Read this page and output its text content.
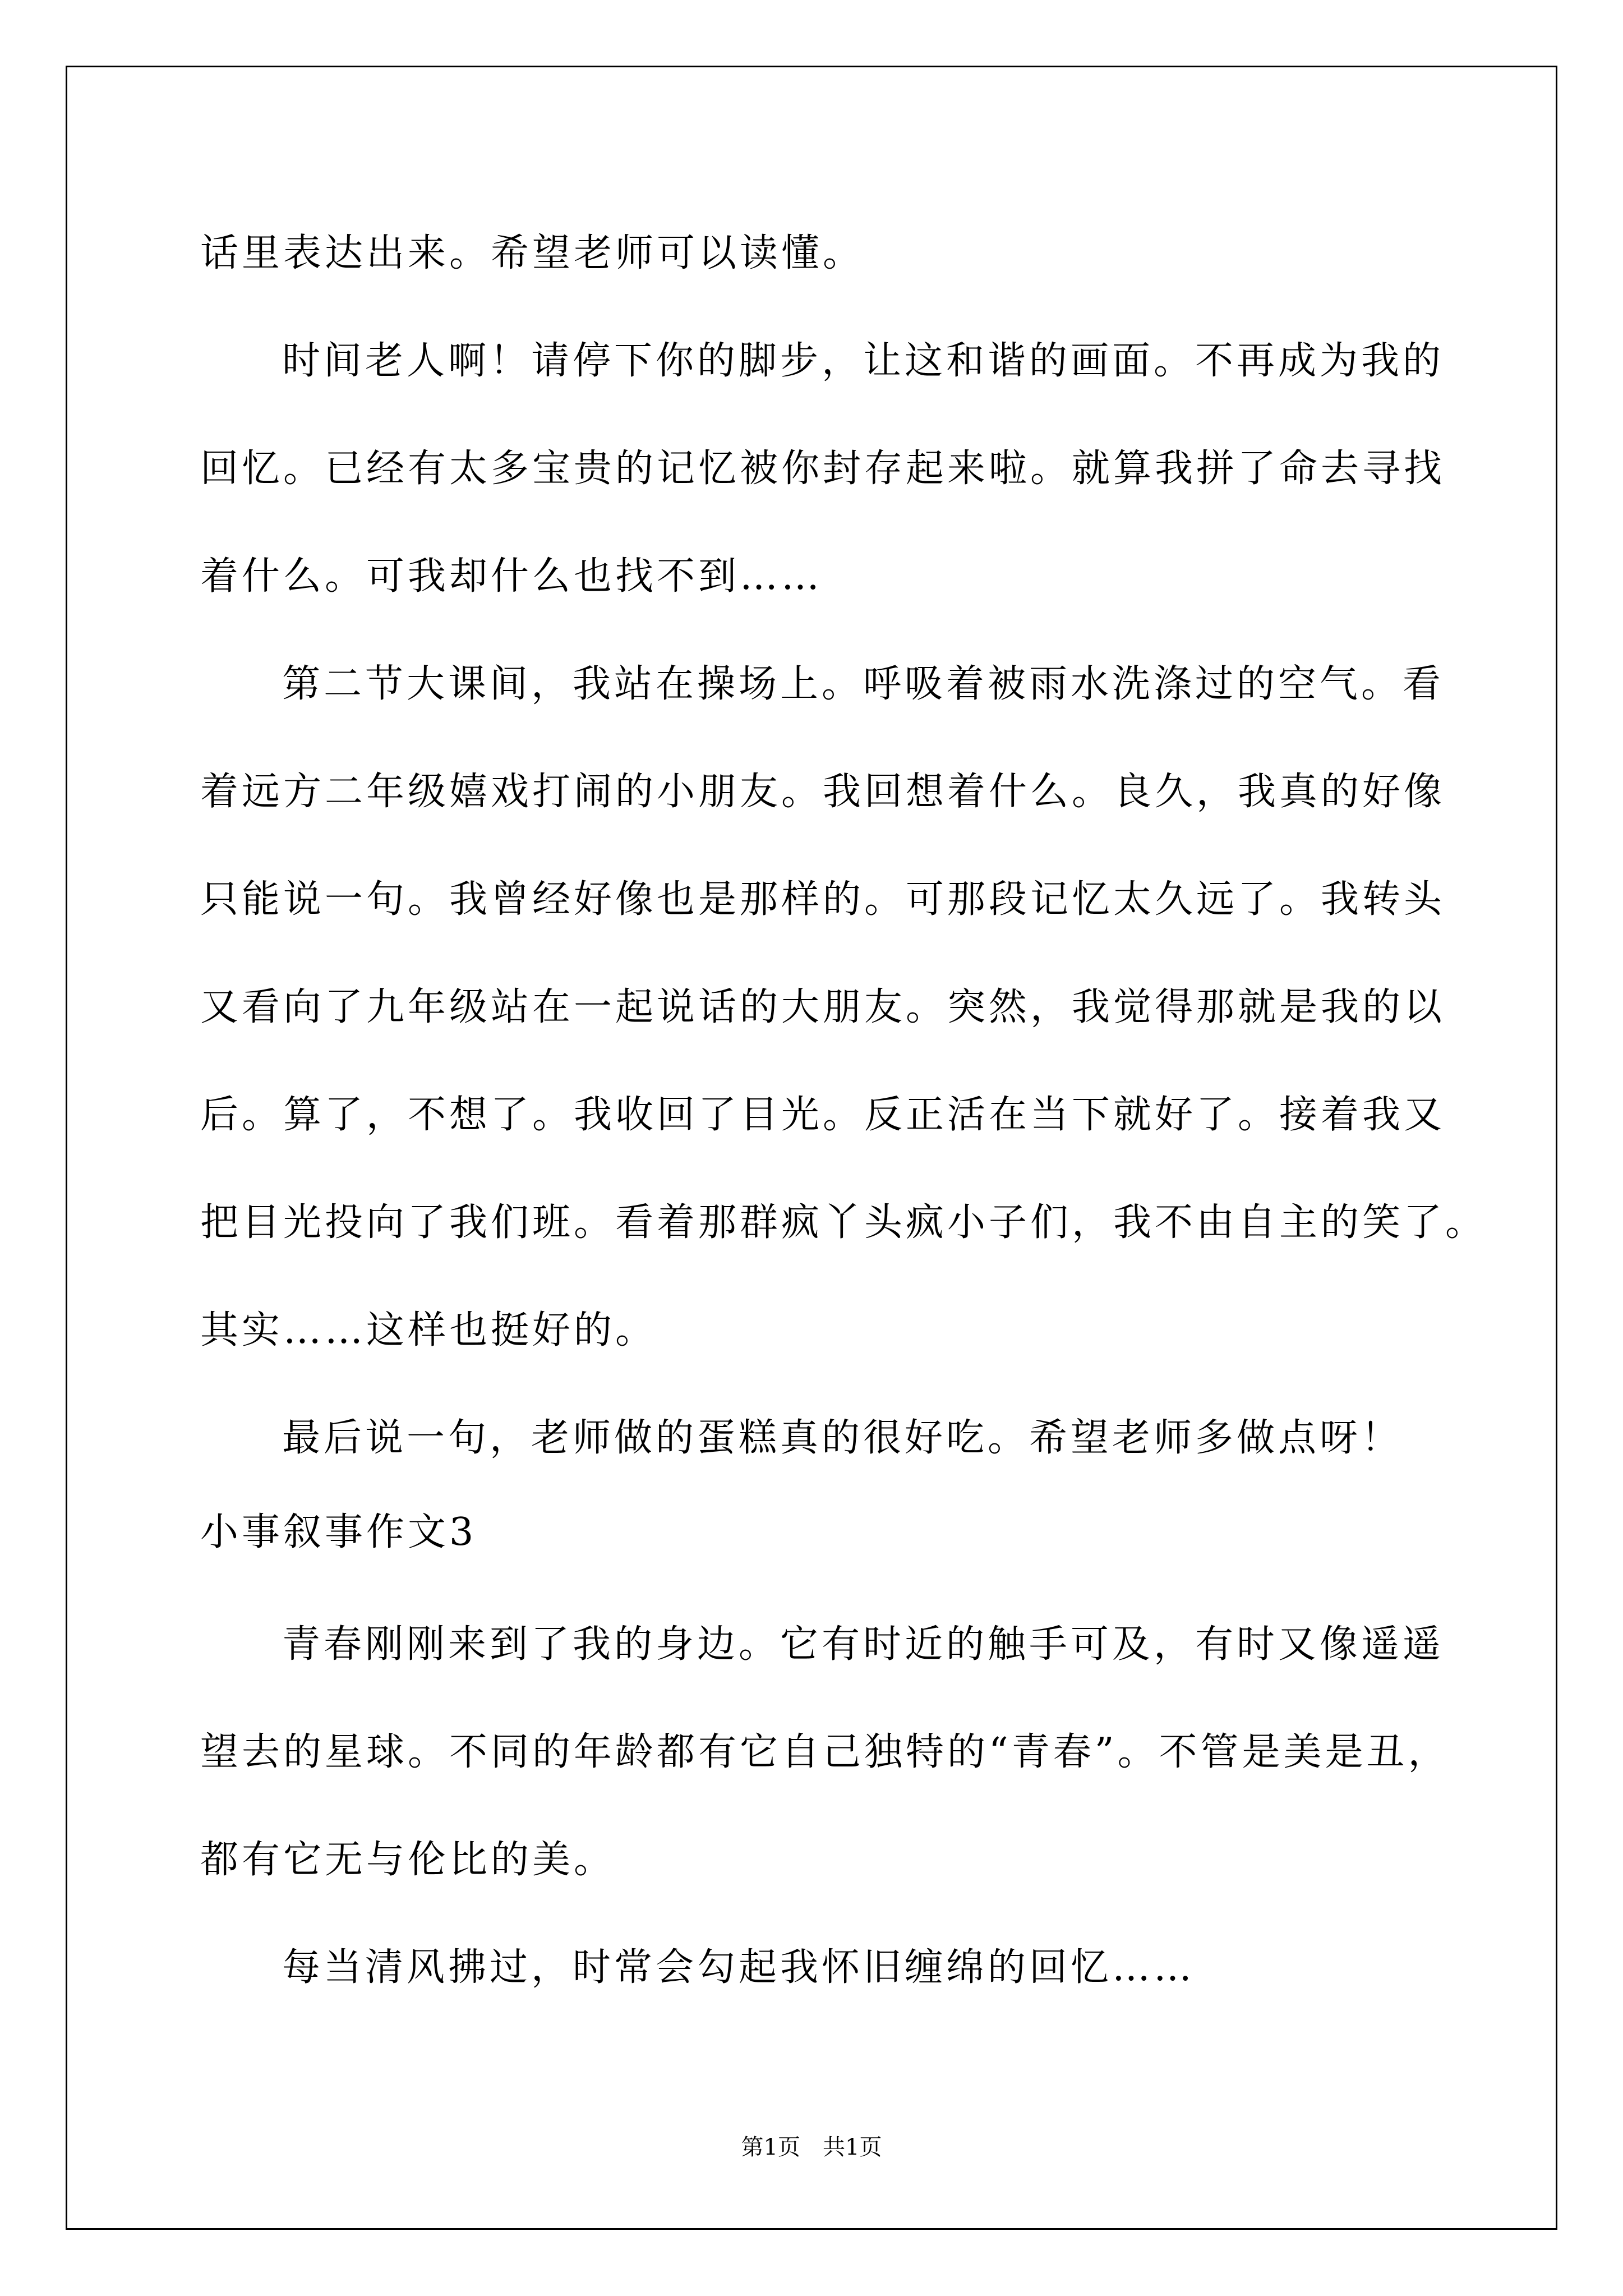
话里表达出来。希望老师可以读懂。
时间老人啊！请停下你的脚步，让这和谐的画面。不再成为我的
回忆。已经有太多宝贵的记忆被你封存起来啦。就算我拼了命去寻找
着什么。可我却什么也找不到……
第二节大课间，我站在操场上。呼吸着被雨水洗涤过的空气。看
着远方二年级嬉戏打闹的小朋友。我回想着什么。良久，我真的好像
只能说一句。我曾经好像也是那样的。可那段记忆太久远了。我转头
又看向了九年级站在一起说话的大朋友。突然，我觉得那就是我的以
后。算了，不想了。我收回了目光。反正活在当下就好了。接着我又
把目光投向了我们班。看着那群疯丫头疯小子们，我不由自主的笑了。
其实……这样也挺好的。
最后说一句，老师做的蛋糕真的很好吃。希望老师多做点呀！
小事叙事作文3
青春刚刚来到了我的身边。它有时近的触手可及，有时又像遥遥
望去的星球。不同的年龄都有它自己独特的“青春”。不管是美是丑，
都有它无与伦比的美。
每当清风拂过，时常会勾起我怀旧缠绵的回忆……
第1页　共1页
